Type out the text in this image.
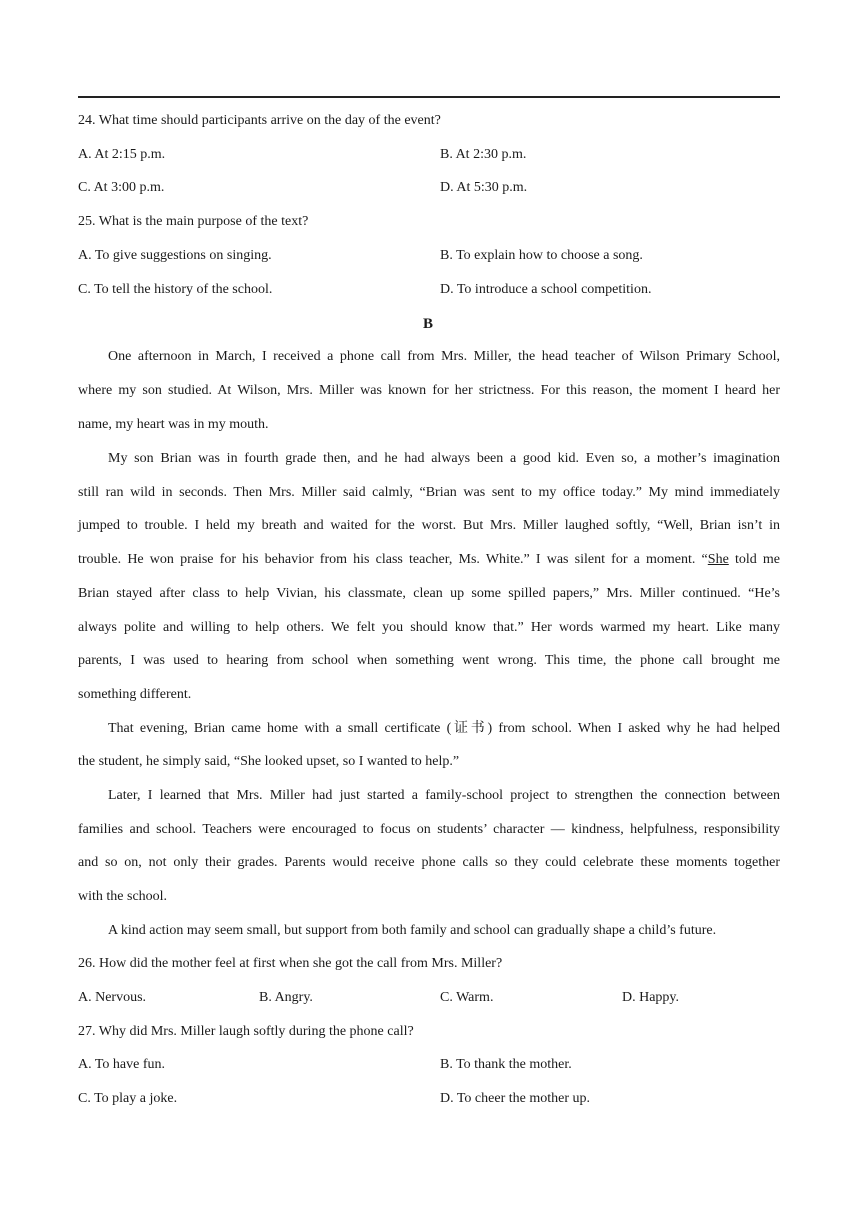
24. What time should participants arrive on the day of the event?
A. At 2:15 p.m.	B. At 2:30 p.m.
C. At 3:00 p.m.	D. At 5:30 p.m.
25. What is the main purpose of the text?
A. To give suggestions on singing.	B. To explain how to choose a song.
C. To tell the history of the school.	D. To introduce a school competition.
B
One afternoon in March, I received a phone call from Mrs. Miller, the head teacher of Wilson Primary School,
where my son studied. At Wilson, Mrs. Miller was known for her strictness. For this reason, the moment I heard her
name, my heart was in my mouth.
My son Brian was in fourth grade then, and he had always been a good kid. Even so, a mother’s imagination
still ran wild in seconds. Then Mrs. Miller said calmly, “Brian was sent to my office today.” My mind immediately
jumped to trouble. I held my breath and waited for the worst. But Mrs. Miller laughed softly, “Well, Brian isn’t in
trouble. He won praise for his behavior from his class teacher, Ms. White.” I was silent for a moment. “She told me
Brian stayed after class to help Vivian, his classmate, clean up some spilled papers,” Mrs. Miller continued. “He’s
always polite and willing to help others. We felt you should know that.” Her words warmed my heart. Like many
parents, I was used to hearing from school when something went wrong. This time, the phone call brought me
something different.
That evening, Brian came home with a small certificate (证书) from school. When I asked why he had helped
the student, he simply said, “She looked upset, so I wanted to help.”
Later, I learned that Mrs. Miller had just started a family-school project to strengthen the connection between
families and school. Teachers were encouraged to focus on students’ character — kindness, helpfulness, responsibility
and so on, not only their grades. Parents would receive phone calls so they could celebrate these moments together
with the school.
A kind action may seem small, but support from both family and school can gradually shape a child’s future.
26. How did the mother feel at first when she got the call from Mrs. Miller?
A. Nervous.	B. Angry.	C. Warm.	D. Happy.
27. Why did Mrs. Miller laugh softly during the phone call?
A. To have fun.	B. To thank the mother.
C. To play a joke.	D. To cheer the mother up.
